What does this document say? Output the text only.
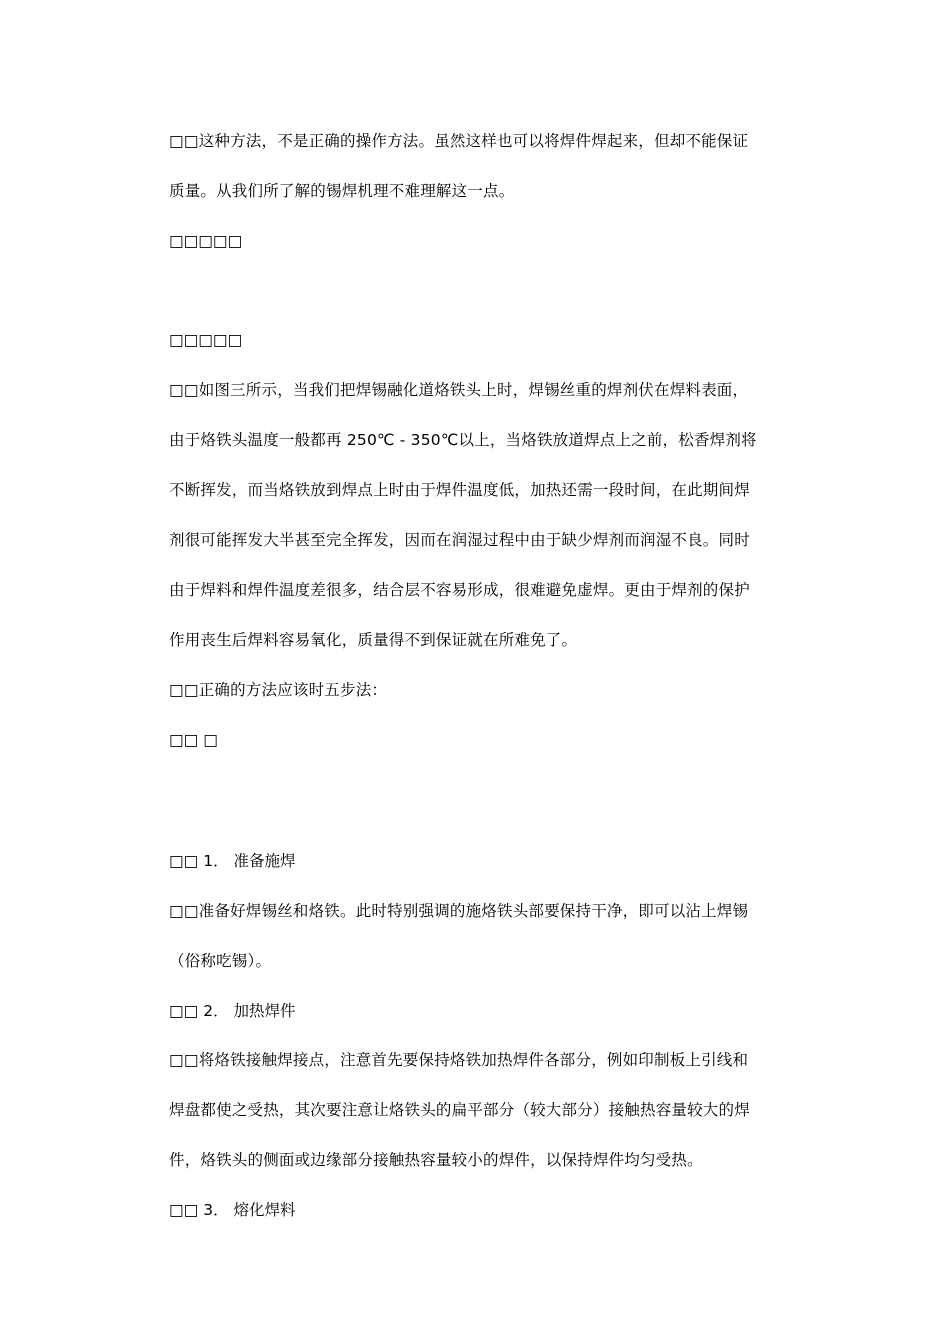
□□这种方法，不是正确的操作方法。虽然这样也可以将焊件焊起来，但却不能保证

质量。从我们所了解的锡焊机理不难理解这一点。

□□□□□

□□□□□

□□如图三所示，当我们把焊锡融化道烙铁头上时，焊锡丝重的焊剂伏在焊料表面，

由于烙铁头温度一般都再 250℃ - 350℃以上，当烙铁放道焊点上之前，松香焊剂将

不断挥发，而当烙铁放到焊点上时由于焊件温度低，加热还需一段时间，在此期间焊

剂很可能挥发大半甚至完全挥发，因而在润湿过程中由于缺少焊剂而润湿不良。同时

由于焊料和焊件温度差很多，结合层不容易形成，很难避免虚焊。更由于焊剂的保护

作用丧生后焊料容易氧化，质量得不到保证就在所难免了。

□□正确的方法应该时五步法：

□□ □

□□ 1． 准备施焊

□□准备好焊锡丝和烙铁。此时特别强调的施烙铁头部要保持干净，即可以沾上焊锡

（俗称吃锡）。

□□ 2． 加热焊件

□□将烙铁接触焊接点，注意首先要保持烙铁加热焊件各部分，例如印制板上引线和

焊盘都使之受热，其次要注意让烙铁头的扁平部分（较大部分）接触热容量较大的焊

件，烙铁头的侧面或边缘部分接触热容量较小的焊件，以保持焊件均匀受热。

□□ 3． 熔化焊料
